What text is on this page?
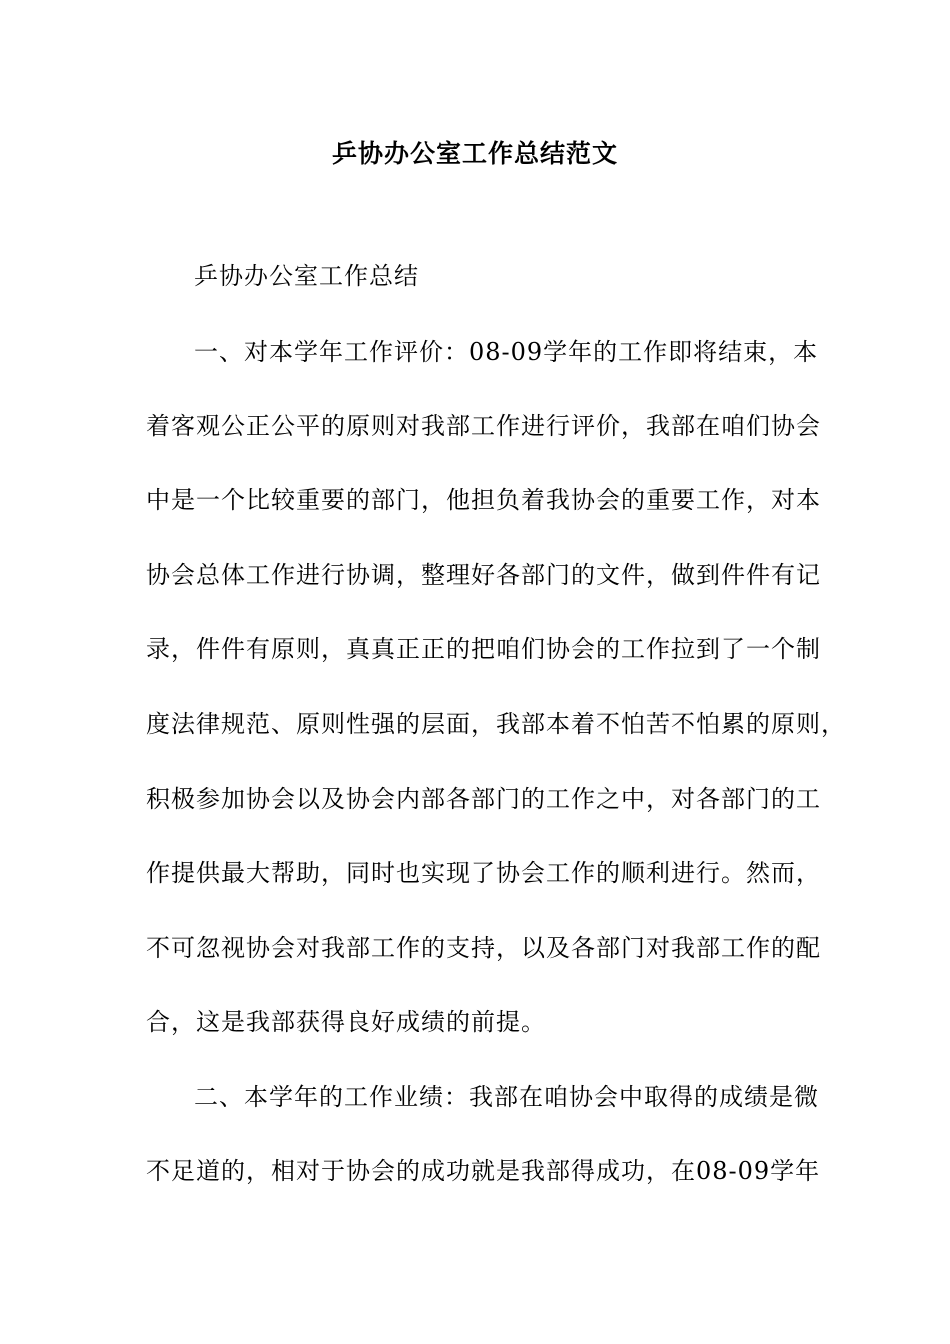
乒协办公室工作总结范文
乒协办公室工作总结
一、对本学年工作评价：08-09学年的工作即将结束，本
着客观公正公平的原则对我部工作进行评价，我部在咱们协会
中是一个比较重要的部门，他担负着我协会的重要工作，对本
协会总体工作进行协调，整理好各部门的文件，做到件件有记
录，件件有原则，真真正正的把咱们协会的工作拉到了一个制
度法律规范、原则性强的层面，我部本着不怕苦不怕累的原则，
积极参加协会以及协会内部各部门的工作之中，对各部门的工
作提供最大帮助，同时也实现了协会工作的顺利进行。然而，
不可忽视协会对我部工作的支持，以及各部门对我部工作的配
合，这是我部获得良好成绩的前提。
二、本学年的工作业绩：我部在咱协会中取得的成绩是微
不足道的，相对于协会的成功就是我部得成功，在08-09学年
